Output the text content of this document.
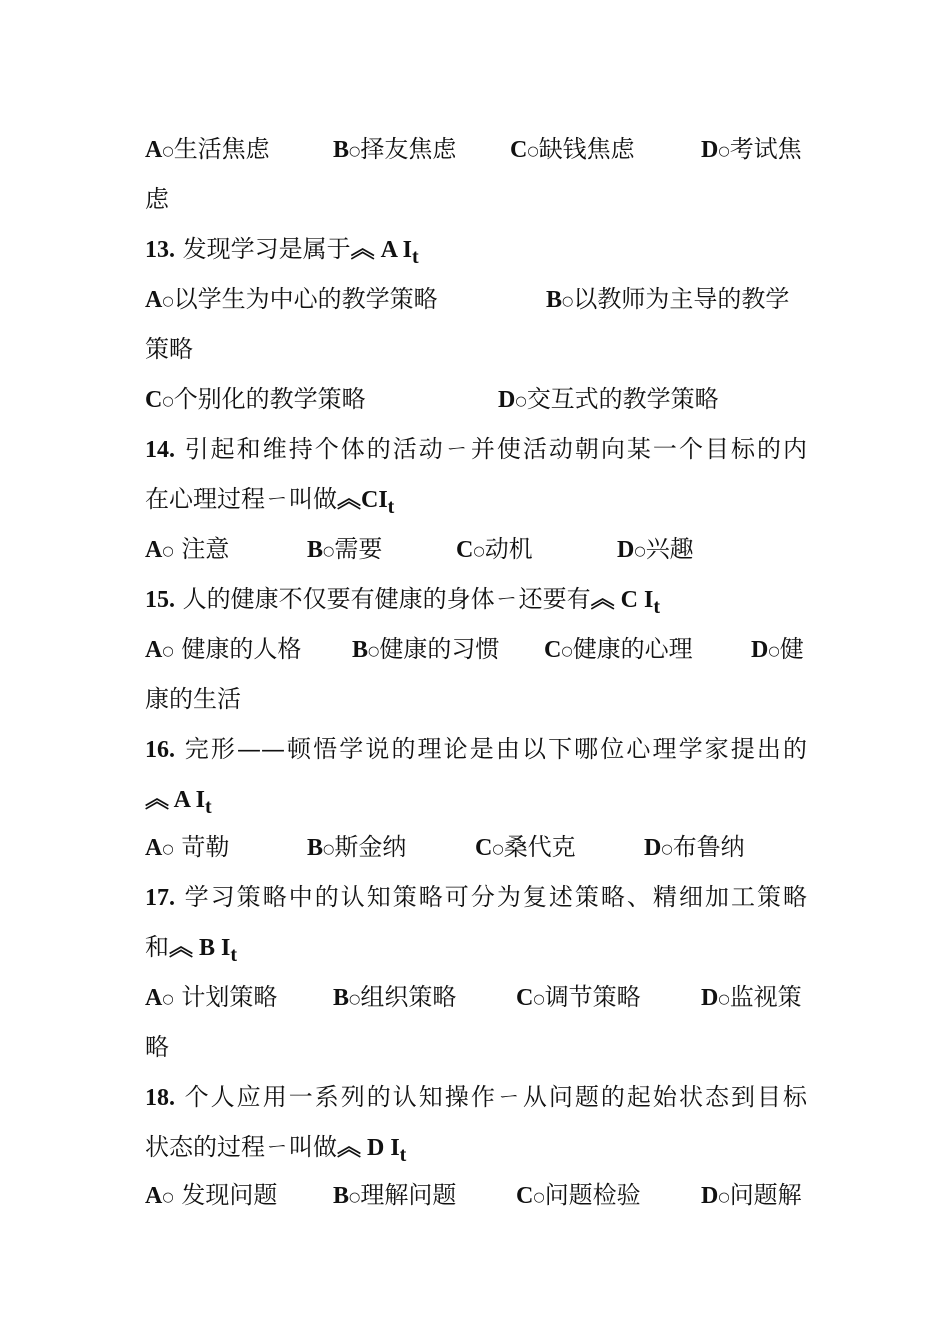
A○生活焦虑	B○择友焦虑 C○缺钱焦虑	D○考试焦
虑
13. 发现学习是属于︽ A $I_t$
A○以学生为中心的教学策略	B○以教师为主导的教学
策略
C○个别化的教学策略	D○交互式的教学策略
14. 引起和维持个体的活动ㄧ并使活动朝向某一个目标的内
在心理过程ㄧ叫做$︽CI_t$
A○ 注意	B○需要	C○动机	D○兴趣
15. 人的健康不仅要有健康的身体ㄧ还要有︽ C $I_t$
A○ 健康的人格 B○健康的习惯 C○健康的心理 D○健
康的生活
16. 完形——顿悟学说的理论是由以下哪位心理学家提出的
︽ A $I_t$
A○ 苛勒	B○斯金纳	C○桑代克	D○布鲁纳
17. 学习策略中的认知策略可分为复述策略、精细加工策略
和︽ B $I_t$
A○ 计划策略 B○组织策略 C○调节策略	D○监视策
略
18. 个人应用一系列的认知操作ㄧ从问题的起始状态到目标
状态的过程ㄧ叫做︽ D $I_t$
A○ 发现问题 B○理解问题 C○问题检验	D○问题解
